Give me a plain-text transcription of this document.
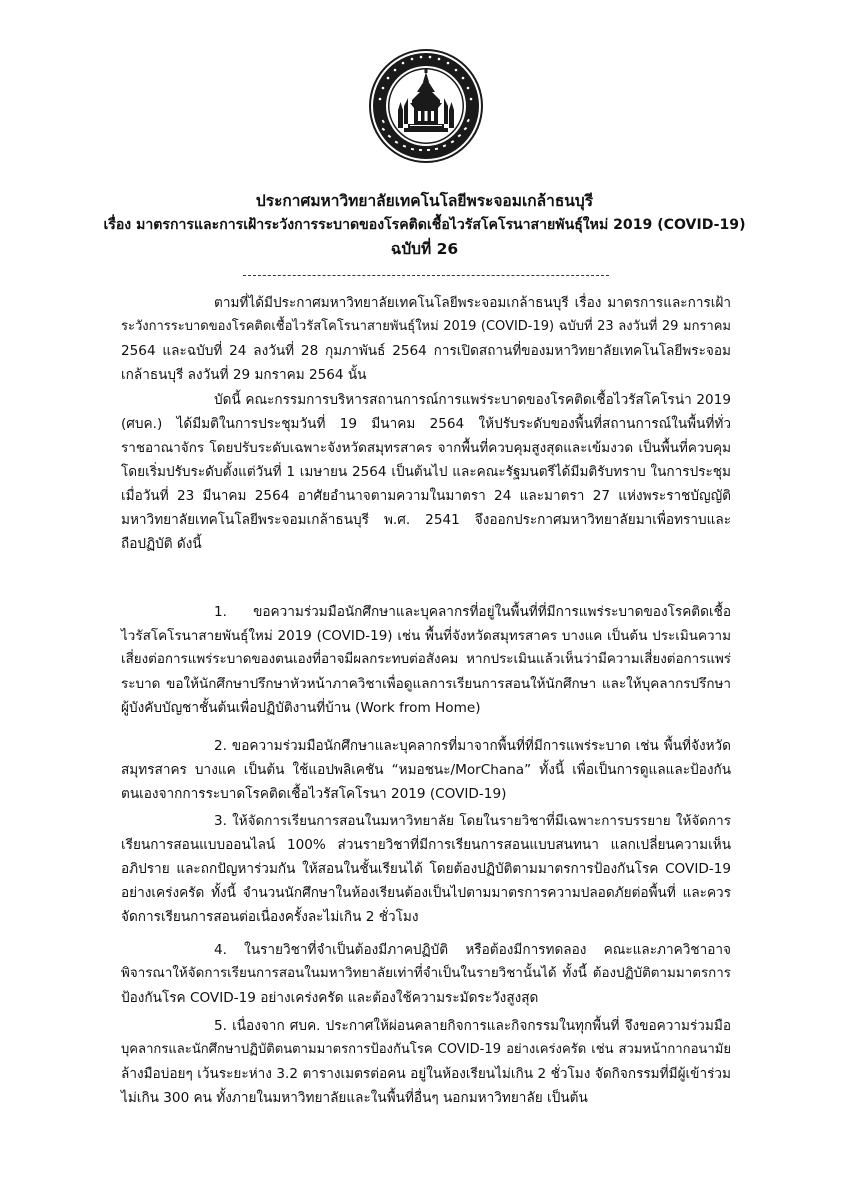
ประกาศมหาวิทยาลัยเทคโนโลยีพระจอมเกล้าธนบุรี
เรื่อง มาตรการและการเฝ้าระวังการระบาดของโรคติดเชื้อไวรัสโคโรนาสายพันธุ์ใหม่ 2019 (COVID-19)
ฉบับที่ 26
ตามที่ได้มีประกาศมหาวิทยาลัยเทคโนโลยีพระจอมเกล้าธนบุรี เรื่อง มาตรการและการเฝ้า
ระวังการระบาดของโรคติดเชื้อไวรัสโคโรนาสายพันธุ์ใหม่ 2019 (COVID-19) ฉบับที่ 23 ลงวันที่ 29 มกราคม
2564 และฉบับที่ 24 ลงวันที่ 28 กุมภาพันธ์ 2564 การเปิดสถานที่ของมหาวิทยาลัยเทคโนโลยีพระจอม
เกล้าธนบุรี ลงวันที่ 29 มกราคม 2564 นั้น
บัดนี้ คณะกรรมการบริหารสถานการณ์การแพร่ระบาดของโรคติดเชื้อไวรัสโคโรน่า 2019
(ศบค.) ได้มีมติในการประชุมวันที่ 19 มีนาคม 2564 ให้ปรับระดับของพื้นที่สถานการณ์ในพื้นที่ทั่ว
ราชอาณาจักร โดยปรับระดับเฉพาะจังหวัดสมุทรสาคร จากพื้นที่ควบคุมสูงสุดและเข้มงวด เป็นพื้นที่ควบคุม
โดยเริ่มปรับระดับตั้งแต่วันที่ 1 เมษายน 2564 เป็นต้นไป และคณะรัฐมนตรีได้มีมติรับทราบ ในการประชุม
เมื่อวันที่ 23 มีนาคม 2564 อาศัยอำนาจตามความในมาตรา 24 และมาตรา 27 แห่งพระราชบัญญัติ
มหาวิทยาลัยเทคโนโลยีพระจอมเกล้าธนบุรี พ.ศ. 2541 จึงออกประกาศมหาวิทยาลัยมาเพื่อทราบและ
ถือปฏิบัติ ดังนี้
1. ขอความร่วมมือนักศึกษาและบุคลากรที่อยู่ในพื้นที่ที่มีการแพร่ระบาดของโรคติดเชื้อ
ไวรัสโคโรนาสายพันธุ์ใหม่ 2019 (COVID-19) เช่น พื้นที่จังหวัดสมุทรสาคร บางแค เป็นต้น ประเมินความ
เสี่ยงต่อการแพร่ระบาดของตนเองที่อาจมีผลกระทบต่อสังคม หากประเมินแล้วเห็นว่ามีความเสี่ยงต่อการแพร่
ระบาด ขอให้นักศึกษาปรึกษาหัวหน้าภาควิชาเพื่อดูแลการเรียนการสอนให้นักศึกษา และให้บุคลากรปรึกษา
ผู้บังคับบัญชาชั้นต้นเพื่อปฏิบัติงานที่บ้าน (Work from Home)
2. ขอความร่วมมือนักศึกษาและบุคลากรที่มาจากพื้นที่ที่มีการแพร่ระบาด เช่น พื้นที่จังหวัด
สมุทรสาคร บางแค เป็นต้น ใช้แอปพลิเคชัน “หมอชนะ/MorChana” ทั้งนี้ เพื่อเป็นการดูแลและป้องกัน
ตนเองจากการระบาดโรคติดเชื้อไวรัสโคโรนา 2019 (COVID-19)
3. ให้จัดการเรียนการสอนในมหาวิทยาลัย โดยในรายวิชาที่มีเฉพาะการบรรยาย ให้จัดการ
เรียนการสอนแบบออนไลน์ 100% ส่วนรายวิชาที่มีการเรียนการสอนแบบสนทนา แลกเปลี่ยนความเห็น
อภิปราย และถกปัญหาร่วมกัน ให้สอนในชั้นเรียนได้ โดยต้องปฏิบัติตามมาตรการป้องกันโรค COVID-19
อย่างเคร่งครัด ทั้งนี้ จำนวนนักศึกษาในห้องเรียนต้องเป็นไปตามมาตรการความปลอดภัยต่อพื้นที่ และควร
จัดการเรียนการสอนต่อเนื่องครั้งละไม่เกิน 2 ชั่วโมง
4. ในรายวิชาที่จำเป็นต้องมีภาคปฏิบัติ หรือต้องมีการทดลอง คณะและภาควิชาอาจ
พิจารณาให้จัดการเรียนการสอนในมหาวิทยาลัยเท่าที่จำเป็นในรายวิชานั้นได้ ทั้งนี้ ต้องปฏิบัติตามมาตรการ
ป้องกันโรค COVID-19 อย่างเคร่งครัด และต้องใช้ความระมัดระวังสูงสุด
5. เนื่องจาก ศบค. ประกาศให้ผ่อนคลายกิจการและกิจกรรมในทุกพื้นที่ จึงขอความร่วมมือ
บุคลากรและนักศึกษาปฏิบัติตนตามมาตรการป้องกันโรค COVID-19 อย่างเคร่งครัด เช่น สวมหน้ากากอนามัย
ล้างมือบ่อยๆ เว้นระยะห่าง 3.2 ตารางเมตรต่อคน อยู่ในห้องเรียนไม่เกิน 2 ชั่วโมง จัดกิจกรรมที่มีผู้เข้าร่วม
ไม่เกิน 300 คน ทั้งภายในมหาวิทยาลัยและในพื้นที่อื่นๆ นอกมหาวิทยาลัย เป็นต้น
